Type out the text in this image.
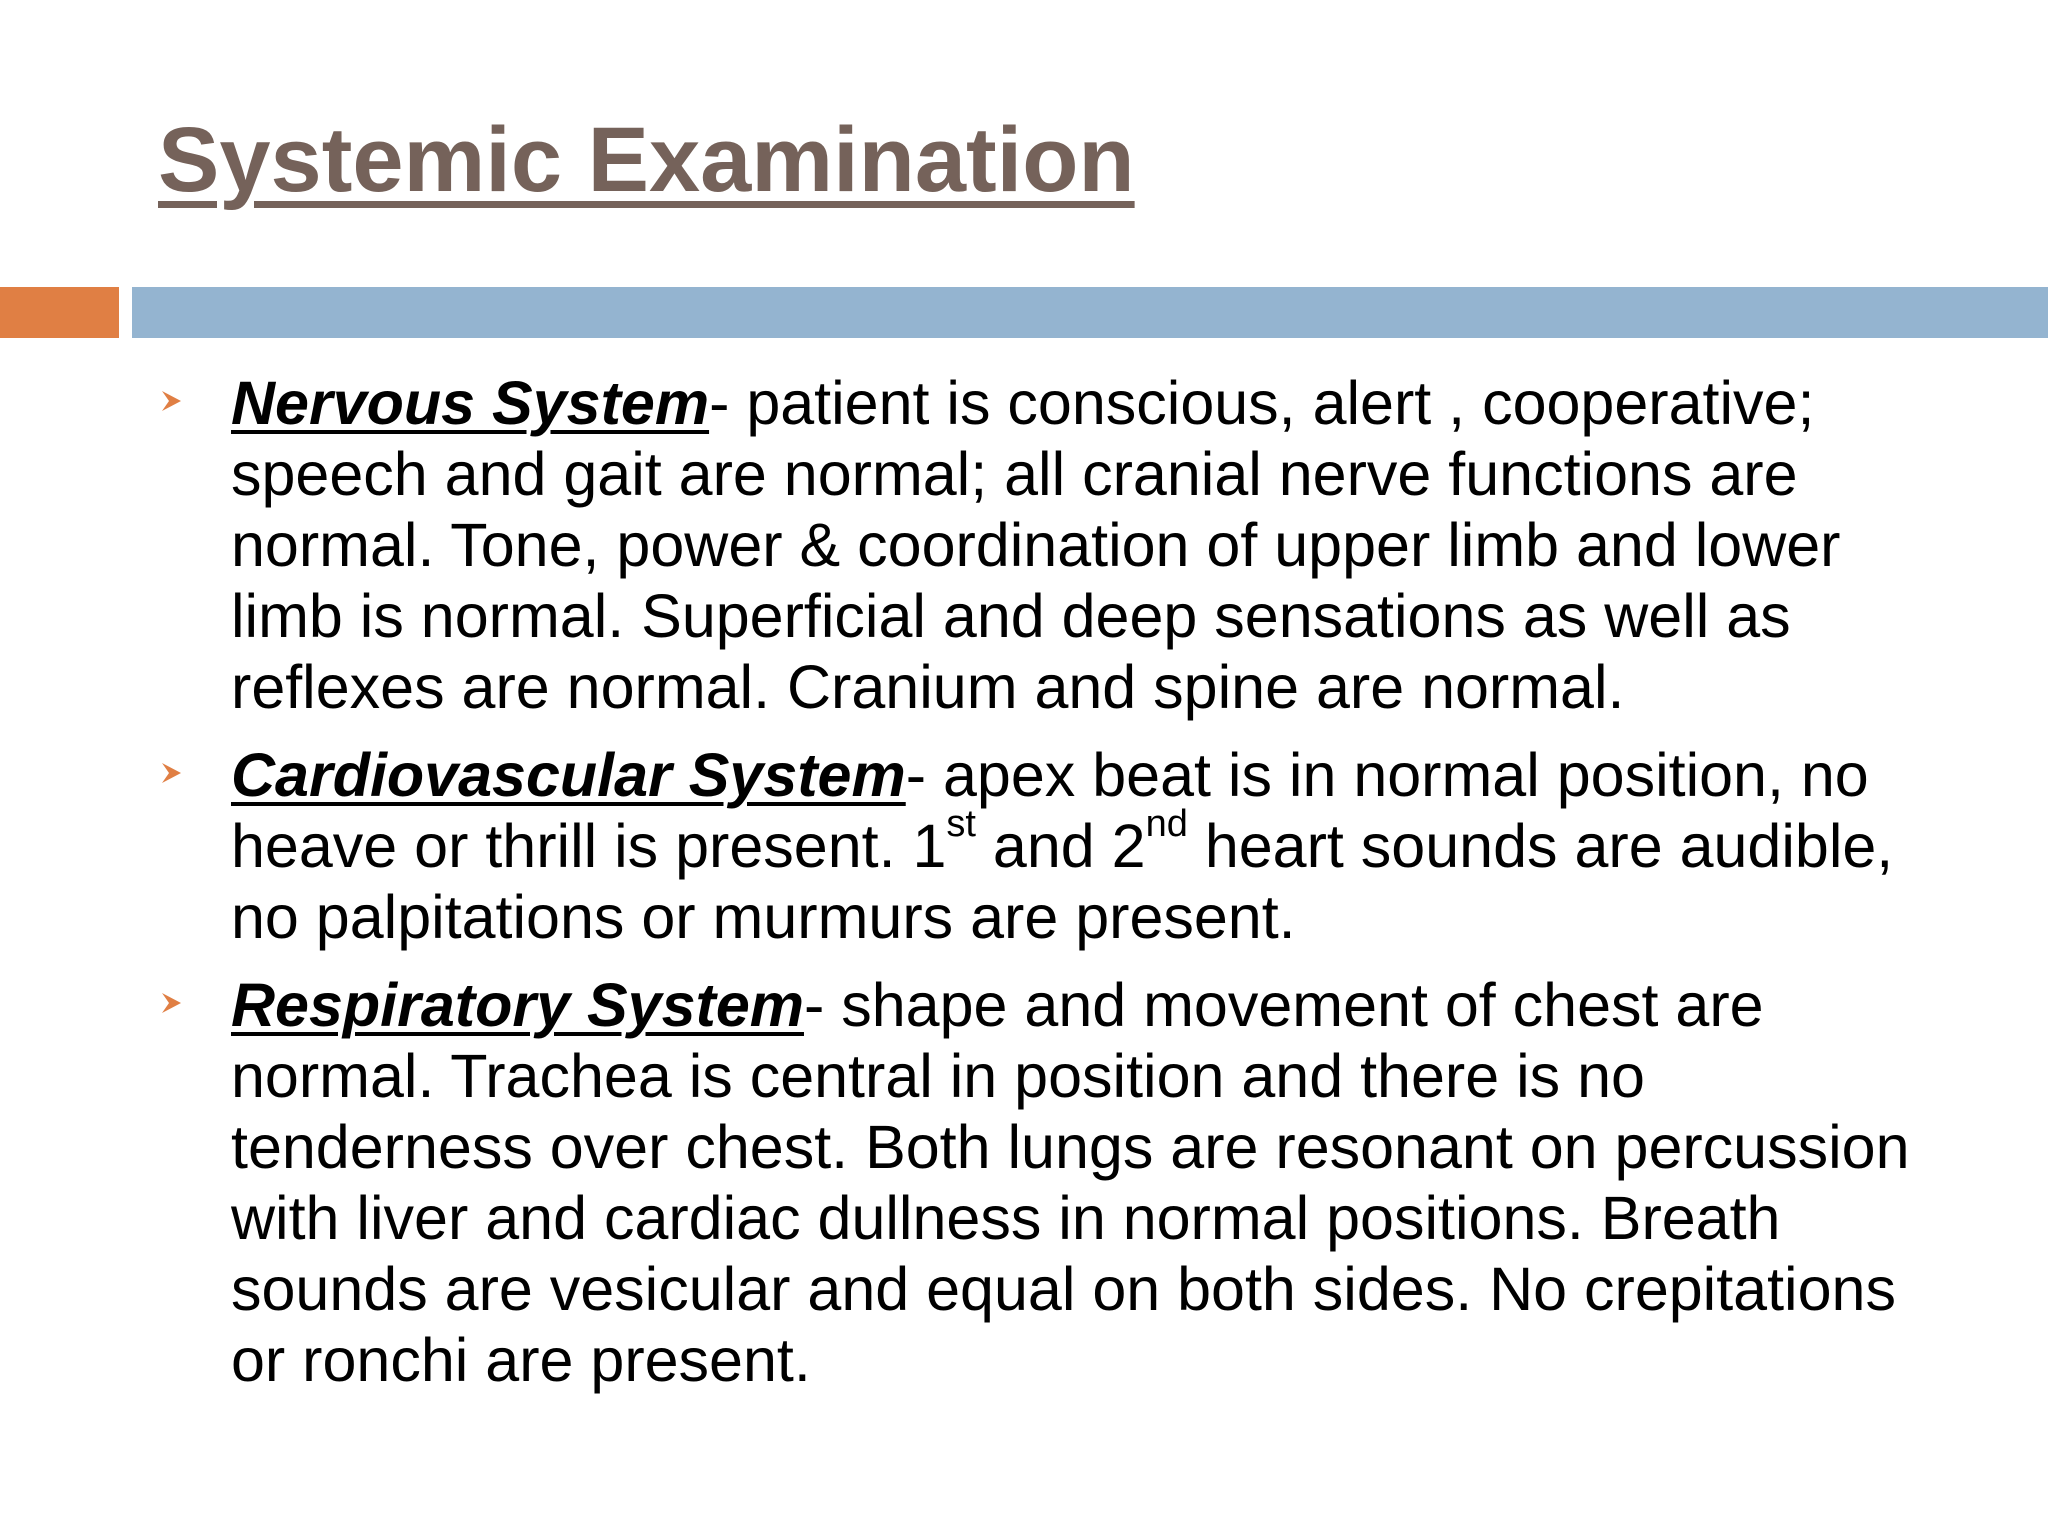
Systemic Examination
Nervous System- patient is conscious, alert , cooperative; speech and gait are normal; all cranial nerve functions are normal. Tone, power & coordination of upper limb and lower limb is normal. Superficial and deep sensations as well as reflexes are normal. Cranium and spine are normal.
Cardiovascular System- apex beat is in normal position, no heave or thrill is present. 1st and 2nd heart sounds are audible, no palpitations or murmurs are present.
Respiratory System- shape and movement of chest are normal. Trachea is central in position and there is no tenderness over chest. Both lungs are resonant on percussion with liver and cardiac dullness in normal positions. Breath sounds are vesicular and equal on both sides. No crepitations or ronchi are present.
